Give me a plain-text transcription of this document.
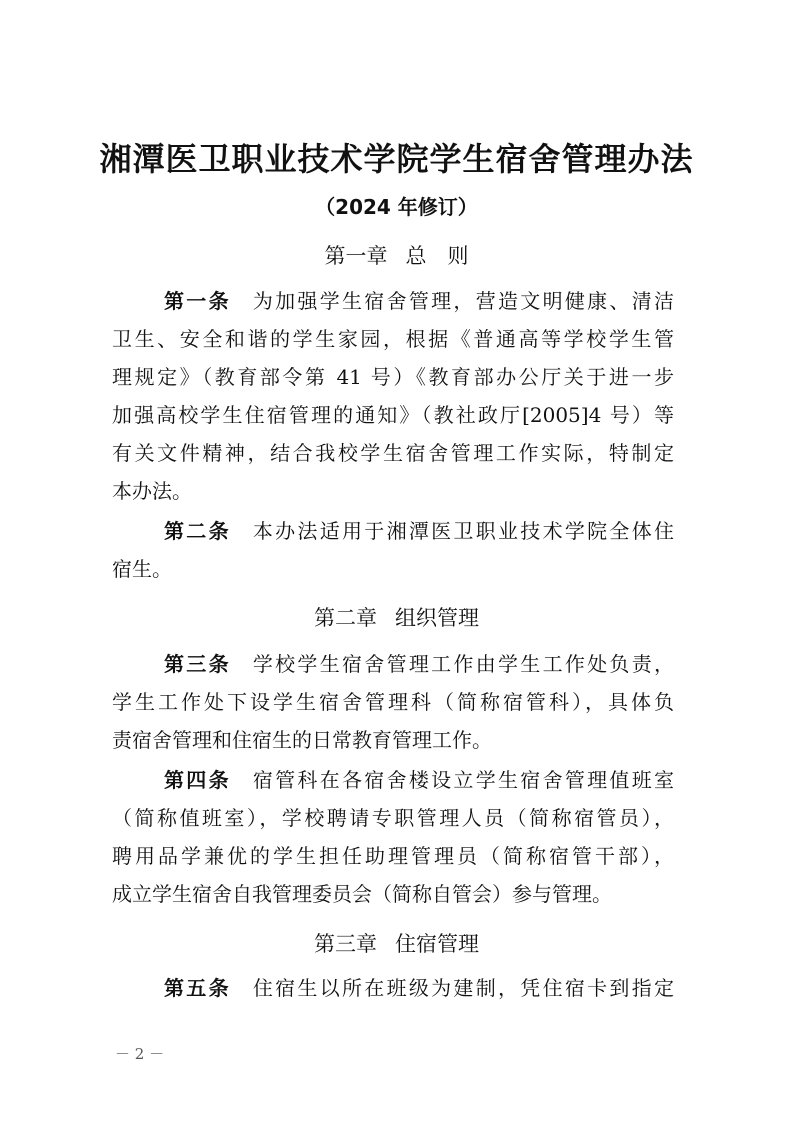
湘潭医卫职业技术学院学生宿舍管理办法
（2024 年修订）
第一章 总　则
第一条 为加强学生宿舍管理，营造文明健康、清洁
卫生、安全和谐的学生家园，根据《普通高等学校学生管
理规定》（教育部令第 41 号）《教育部办公厅关于进一步
加强高校学生住宿管理的通知》（教社政厅[2005]4 号）等
有关文件精神，结合我校学生宿舍管理工作实际，特制定
本办法。
第二条 本办法适用于湘潭医卫职业技术学院全体住
宿生。
第二章 组织管理
第三条 学校学生宿舍管理工作由学生工作处负责，
学生工作处下设学生宿舍管理科（简称宿管科），具体负
责宿舍管理和住宿生的日常教育管理工作。
第四条 宿管科在各宿舍楼设立学生宿舍管理值班室
（简称值班室），学校聘请专职管理人员（简称宿管员），
聘用品学兼优的学生担任助理管理员（简称宿管干部），
成立学生宿舍自我管理委员会（简称自管会）参与管理。
第三章 住宿管理
第五条 住宿生以所在班级为建制，凭住宿卡到指定
－ 2 －
